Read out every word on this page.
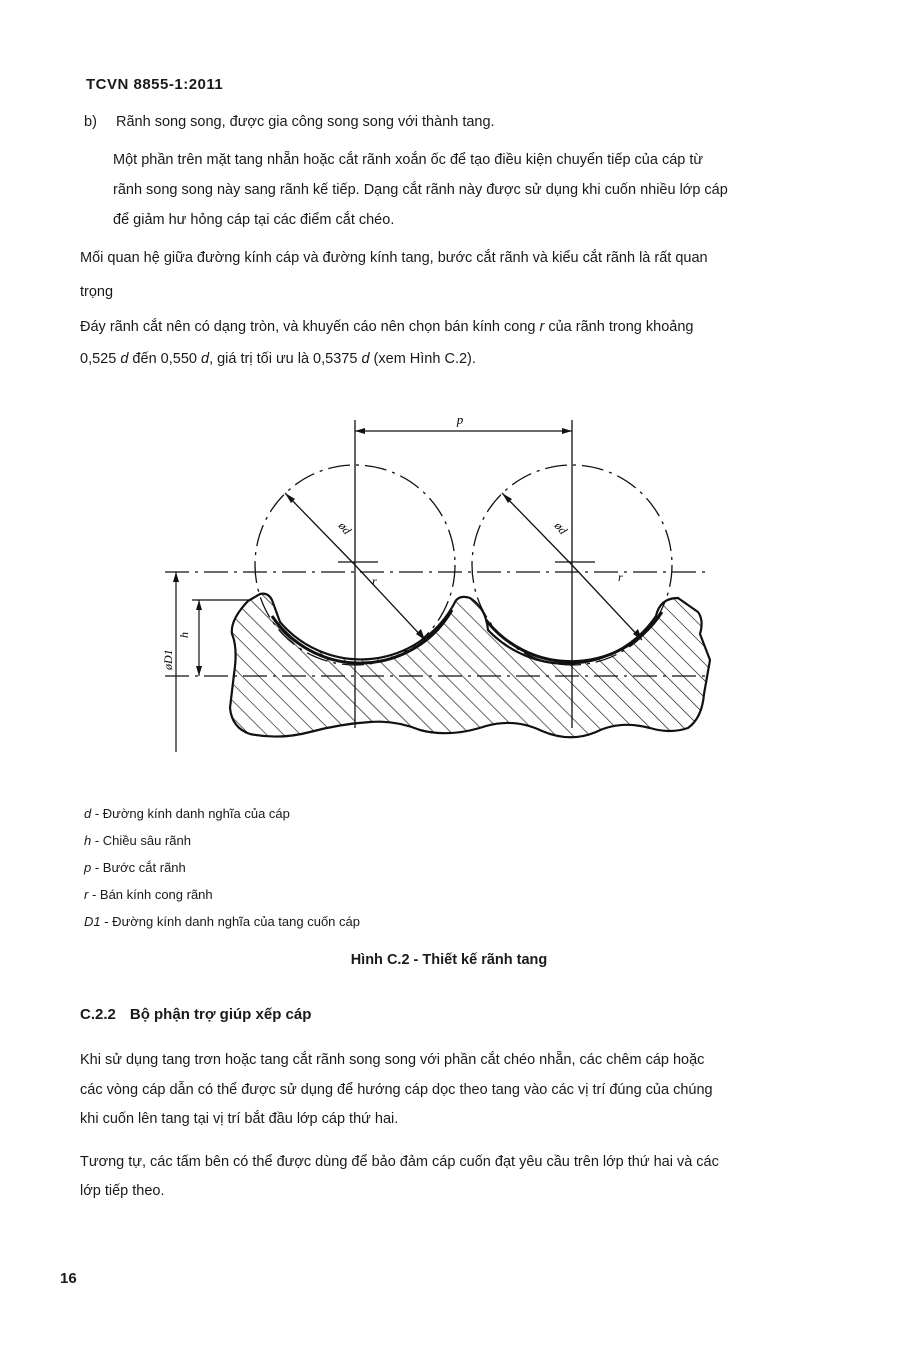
TCVN 8855-1:2011
b) Rãnh song song, được gia công song song với thành tang.
Một phần trên mặt tang nhẵn hoặc cắt rãnh xoắn ốc để tạo điều kiện chuyển tiếp của cáp từ
rãnh song song này sang rãnh kế tiếp. Dạng cắt rãnh này được sử dụng khi cuốn nhiều lớp cáp
để giảm hư hỏng cáp tại các điểm cắt chéo.
Mối quan hệ giữa đường kính cáp và đường kính tang, bước cắt rãnh và kiểu cắt rãnh là rất quan
trọng
Đáy rãnh cắt nên có dạng tròn, và khuyến cáo nên chọn bán kính cong r của rãnh trong khoảng
0,525 d đến 0,550 d, giá trị tối ưu là 0,5375 d (xem Hình C.2).
p
ød	ød
r	r
h
øD1
d - Đường kính danh nghĩa của cáp
h - Chiều sâu rãnh
p - Bước cắt rãnh
r - Bán kính cong rãnh
D1 - Đường kính danh nghĩa của tang cuốn cáp
Hình C.2 - Thiết kế rãnh tang
C.2.2 Bộ phận trợ giúp xếp cáp
Khi sử dụng tang trơn hoặc tang cắt rãnh song song với phần cắt chéo nhẵn, các chêm cáp hoặc
các vòng cáp dẫn có thể được sử dụng để hướng cáp dọc theo tang vào các vị trí đúng của chúng
khi cuốn lên tang tại vị trí bắt đầu lớp cáp thứ hai.
Tương tự, các tấm bên có thể được dùng để bảo đảm cáp cuốn đạt yêu cầu trên lớp thứ hai và các
lớp tiếp theo.
16
